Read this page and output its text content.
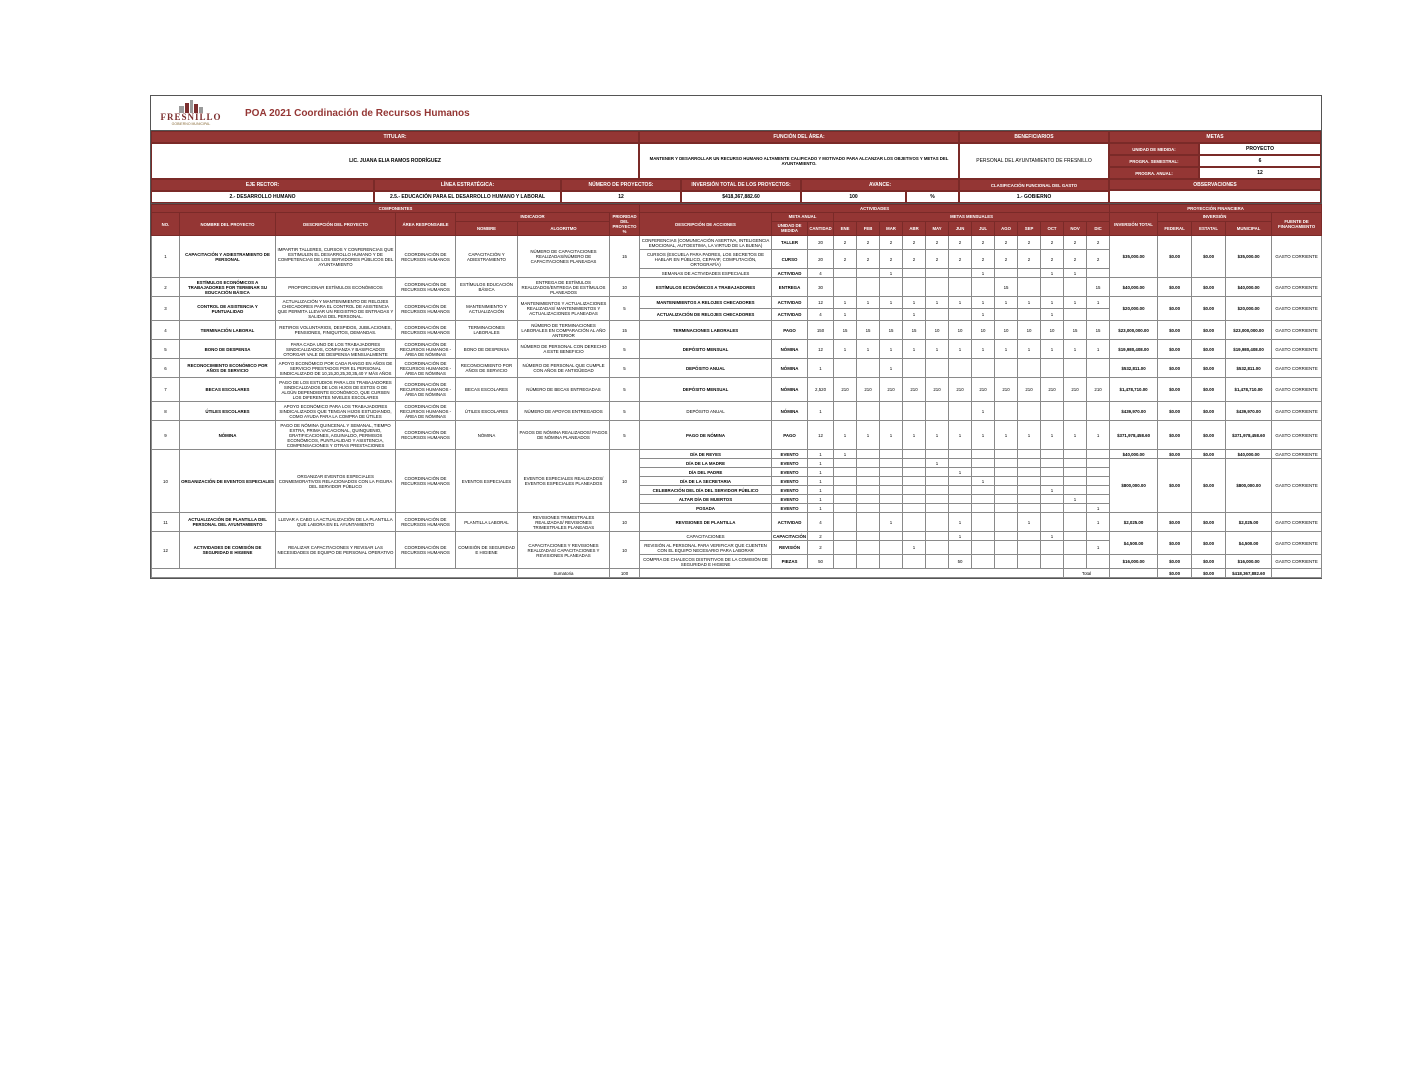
FRESNILLO
GOBIERNO MUNICIPAL
POA 2021 Coordinación de Recursos Humanos
TITULAR:	FUNCIÓN DEL ÁREA:
LIC. JUANA ELIA RAMOS RODRÍGUEZ	MANTENER Y DESARROLLAR UN RECURSO HUMANO ALTAMENTE CALIFICADO Y MOTIVADO PARA ALCANZAR LOS OBJETIVOS Y METAS DEL AYUNTAMIENTO.
EJE RECTOR:	LÍNEA ESTRATÉGICA:	NÚMERO DE PROYECTOS:	INVERSIÓN TOTAL DE LOS PROYECTOS:	AVANCE:
2.- DESARROLLO HUMANO	2.5.- EDUCACIÓN PARA EL DESARROLLO HUMANO Y LABORAL	12	$418,367,882.60	100	%
BENEFICIARIOS
PERSONAL DEL AYUNTAMIENTO DE FRESNILLO
CLASIFICACIÓN FUNCIONAL DEL GASTO
1.- GOBIERNO
METAS
UNIDAD DE MEDIDA:	PROYECTO
PROGRA. SEMESTRAL:	6
PROGRA. ANUAL:	12
OBSERVACIONES
COMPONENTES							ACTIVIDADES															PROYECCIÓN FINANCIERA				
NO.	NOMBRE DEL PROYECTO	DESCRIPCIÓN DEL PROYECTO	ÁREA RESPONSABLE	INDICADOR		PRIORIDAD DEL PROYECTO %	DESCRIPCIÓN DE ACCIONES	META ANUAL		METAS MENSUALES												INVERSIÓN TOTAL	INVERSIÓN			FUENTE DE FINANCIAMIENTO
				NOMBRE	ALGORITMO			UNIDAD DE MEDIDA	CANTIDAD	ENE	FEB	MAR	ABR	MAY	JUN	JUL	AGO	SEP	OCT	NOV	DIC		FEDERAL	ESTATAL	MUNICIPAL	
1	CAPACITACIÓN Y ADIESTRAMIENTO DE PERSONAL	IMPARTIR TALLERES, CURSOS Y CONFERENCIAS QUE ESTIMULEN EL DESARROLLO HUMANO Y DE COMPETENCIAS DE LOS SERVIDORES PÚBLICOS DEL AYUNTAMIENTO	COORDINACIÓN DE RECURSOS HUMANOS	CAPACITACIÓN Y ADIESTRAMIENTO	NÚMERO DE CAPACITACIONES REALIZADAS/NÚMERO DE CAPACITACIONES PLANEADAS	15	CONFERENCIAS (COMUNICACIÓN ASERTIVA, INTELIGENCIA EMOCIONAL, AUTOESTIMA, LA VIRTUD DE LA BUENA)	TALLER	20	2	2	2	2	2	2	2	2	2	2	2	2	$35,000.00	$0.00	$0.00	$35,000.00	GASTO CORRIENTE
							CURSOS (ESCUELA PARA PADRES, LOS SECRETOS DE HABLAR EN PÚBLICO, CEPAVIF, COMPUTACIÓN, ORTOGRAFÍA)	CURSO	20	2	2	2	2	2	2	2	2	2	2	2	2					
							SEMANAS DE ACTIVIDADES ESPECIALES	ACTIVIDAD	4			1				1			1	1						
2	ESTÍMULOS ECONÓMICOS A TRABAJADORES POR TERMINAR SU EDUCACIÓN BÁSICA	PROPORCIONAR ESTÍMULOS ECONÓMICOS	COORDINACIÓN DE RECURSOS HUMANOS	ESTÍMULOS EDUCACIÓN BÁSICA	ENTREGA DE ESTÍMULOS REALIZADOS/ENTREGA DE ESTÍMULOS PLANEADOS	10	ESTÍMULOS ECONÓMICOS A TRABAJADORES	ENTREGA	30								15				15	$40,000.00	$0.00	$0.00	$40,000.00	GASTO CORRIENTE
3	CONTROL DE ASISTENCIA Y PUNTUALIDAD	ACTUALIZACIÓN Y MANTENIMIENTO DE RELOJES CHECADORES PARA EL CONTROL DE ASISTENCIA QUE PERMITA LLEVAR UN REGISTRO DE ENTRADAS Y SALIDAS DEL PERSONAL.	COORDINACIÓN DE RECURSOS HUMANOS	MANTENIMIENTO Y ACTUALIZACIÓN	MANTENIMIENTOS Y ACTUALIZACIONES REALIZADAS/ MANTENIMIENTOS Y ACTUALIZACIONES PLANEADAS	5	MANTENIMIENTOS A RELOJES CHECADORES	ACTIVIDAD	12	1	1	1	1	1	1	1	1	1	1	1	1	$20,000.00	$0.00	$0.00	$20,000.00	GASTO CORRIENTE
							ACTUALIZACIÓN DE RELOJES CHECADORES	ACTIVIDAD	4	1			1			1			1							
4	TERMINACIÓN LABORAL	RETIROS VOLUNTARIOS, DESPIDOS, JUBILACIONES, PENSIONES, FINIQUITOS, DEMANDAS.	COORDINACIÓN DE RECURSOS HUMANOS	TERMINACIONES LABORALES	NÚMERO DE TERMINACIONES LABORALES EN COMPARACIÓN AL AÑO ANTERIOR	15	TERMINACIONES LABORALES	PAGO	150	15	15	15	15	10	10	10	10	10	10	15	15	$23,000,000.00	$0.00	$0.00	$23,000,000.00	GASTO CORRIENTE
5	BONO DE DESPENSA	PARA CADA UNO DE LOS TRABAJADORES SINDICALIZADOS, CONFIANZA Y BASIFICADOS OTORGAR VALE DE DESPENSA MENSUALMENTE	COORDINACIÓN DE RECURSOS HUMANOS - ÁREA DE NÓMINAS	BONO DE DESPENSA	NÚMERO DE PERSONAL CON DERECHO A ESTE BENEFICIO	5	DEPÓSITO MENSUAL	NÓMINA	12	1	1	1	1	1	1	1	1	1	1	1	1	$19,980,408.00	$0.00	$0.00	$19,980,408.00	GASTO CORRIENTE
6	RECONOCIMIENTO ECONÓMICO POR AÑOS DE SERVICIO	APOYO ECONÓMICO POR CADA RANGO EN AÑOS DE SERVICIO PRESTADOS POR EL PERSONAL SINDICALIZADO DE 10,15,20,25,30,35,40 Y MÁS AÑOS	COORDINACIÓN DE RECURSOS HUMANOS - ÁREA DE NÓMINAS	RECONOCIMIENTO POR AÑOS DE SERVICIO	NÚMERO DE PERSONAL QUE CUMPLE CON AÑOS DE ANTIGÜEDAD	5	DEPÓSITO ANUAL	NÓMINA	1			1										$532,811.00	$0.00	$0.00	$532,811.00	GASTO CORRIENTE
7	BECAS ESCOLARES	PAGO DE LOS ESTUDIOS PARA LOS TRABAJADORES SINDICALIZADOS DE LOS HIJOS DE ESTOS O DE ALGÚN DEPENDIENTE ECONÓMICO, QUE CURSEN LOS DIFERENTES NIVELES ESCOLARES	COORDINACIÓN DE RECURSOS HUMANOS - ÁREA DE NÓMINAS	BECAS ESCOLARES	NÚMERO DE BECAS ENTREGADAS	5	DEPÓSITO MENSUAL	NÓMINA	2,520	210	210	210	210	210	210	210	210	210	210	210	210	$1,478,710.00	$0.00	$0.00	$1,478,710.00	GASTO CORRIENTE
8	ÚTILES ESCOLARES	APOYO ECONÓMICO PARA LOS TRABAJADORES SINDICALIZADOS QUE TENGAN HIJOS ESTUDIANDO, COMO AYUDA PARA LA COMPRA DE ÚTILES	COORDINACIÓN DE RECURSOS HUMANOS - ÁREA DE NÓMINAS	ÚTILES ESCOLARES	NÚMERO DE APOYOS ENTREGADOS	5	DEPÓSITO ANUAL	NÓMINA	1							1						$439,970.00	$0.00	$0.00	$439,970.00	GASTO CORRIENTE
9	NÓMINA	PAGO DE NÓMINA QUINCENAL Y SEMANAL, TIEMPO EXTRA, PRIMA VACACIONAL, QUINQUENIO, GRATIFICACIONES, AGUINALDO, PERMISOS ECONÓMICOS, PUNTUALIDAD Y ASISTENCIA, COMPENSACIONES Y OTRAS PRESTACIONES	COORDINACIÓN DE RECURSOS HUMANOS	NÓMINA	PAGOS DE NÓMINA REALIZADOS/ PAGOS DE NÓMINA PLANEADOS	5	PAGO DE NÓMINA	PAGO	12	1	1	1	1	1	1	1	1	1	1	1	1	$371,978,458.60	$0.00	$0.00	$371,978,458.60	GASTO CORRIENTE
10	ORGANIZACIÓN DE EVENTOS ESPECIALES	ORGANIZAR EVENTOS ESPECIALES CONMEMORATIVOS RELACIONADOS CON LA FIGURA DEL SERVIDOR PÚBLICO	COORDINACIÓN DE RECURSOS HUMANOS	EVENTOS ESPECIALES	EVENTOS ESPECIALES REALIZADOS/ EVENTOS ESPECIALES PLANEADOS	10	DÍA DE REYES	EVENTO	1	1												$40,000.00	$0.00	$0.00	$40,000.00	GASTO CORRIENTE
							DÍA DE LA MADRE	EVENTO	1					1								$800,000.00	$0.00	$0.00	$800,000.00	GASTO CORRIENTE
							DÍA DEL PADRE	EVENTO	1						1											
							DÍA DE LA SECRETARIA	EVENTO	1							1										
							CELEBRACIÓN DEL DÍA DEL SERVIDOR PÚBLICO	EVENTO	1										1							
							ALTAR DÍA DE MUERTOS	EVENTO	1											1						
							POSADA	EVENTO	1												1					
11	ACTUALIZACIÓN DE PLANTILLA DEL PERSONAL DEL AYUNTAMIENTO	LLEVAR A CABO LA ACTUALIZACIÓN DE LA PLANTILLA QUE LABORA EN EL AYUNTAMIENTO	COORDINACIÓN DE RECURSOS HUMANOS	PLANTILLA LABORAL	REVISIONES TRIMESTRALES REALIZADAS/ REVISIONES TRIMESTRALES PLANEADAS	10	REVISIONES DE PLANTILLA	ACTIVIDAD	4			1			1			1			1	$2,025.00	$0.00	$0.00	$2,025.00	GASTO CORRIENTE
12	ACTIVIDADES DE COMISIÓN DE SEGURIDAD E HIGIENE	REALIZAR CAPACITACIONES Y REVISAR LAS NECESIDADES DE EQUIPO DE PERSONAL OPERATIVO	COORDINACIÓN DE RECURSOS HUMANOS	COMISIÓN DE SEGURIDAD E HIGIENE	CAPACITACIONES Y REVISIONES REALIZADAS/ CAPACITACIONES Y REVISIONES PLANEADAS	10	CAPACITACIONES	CAPACITACIÓN	2						1				1			$4,500.00	$0.00	$0.00	$4,500.00	GASTO CORRIENTE
							REVISIÓN AL PERSONAL PARA VERIFICAR QUE CUENTEN CON EL EQUIPO NECESARIO PARA LABORAR	REVISIÓN	2				1								1					
							COMPRA DE CHALECOS DISTINTIVOS DE LA COMISIÓN DE SEGURIDAD E HIGIENE	PIEZAS	50						50							$16,000.00	$0.00	$0.00	$16,000.00	GASTO CORRIENTE
					Sumatoria	100														Total		$418,367,882.60	$0.00	$0.00	$418,367,882.60	
